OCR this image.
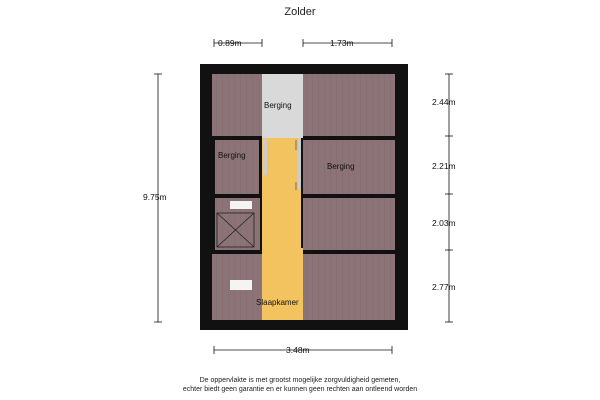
Zolder
0.89m	1.73m
9.75m
3.48m
2.44m
2.21m
2.03m
2.77m
Berging
Berging
Berging
Slaapkamer
De oppervlakte is met grootst mogelijke zorgvuldigheid gemeten,
echter biedt geen garantie en er kunnen geen rechten aan ontleend worden
